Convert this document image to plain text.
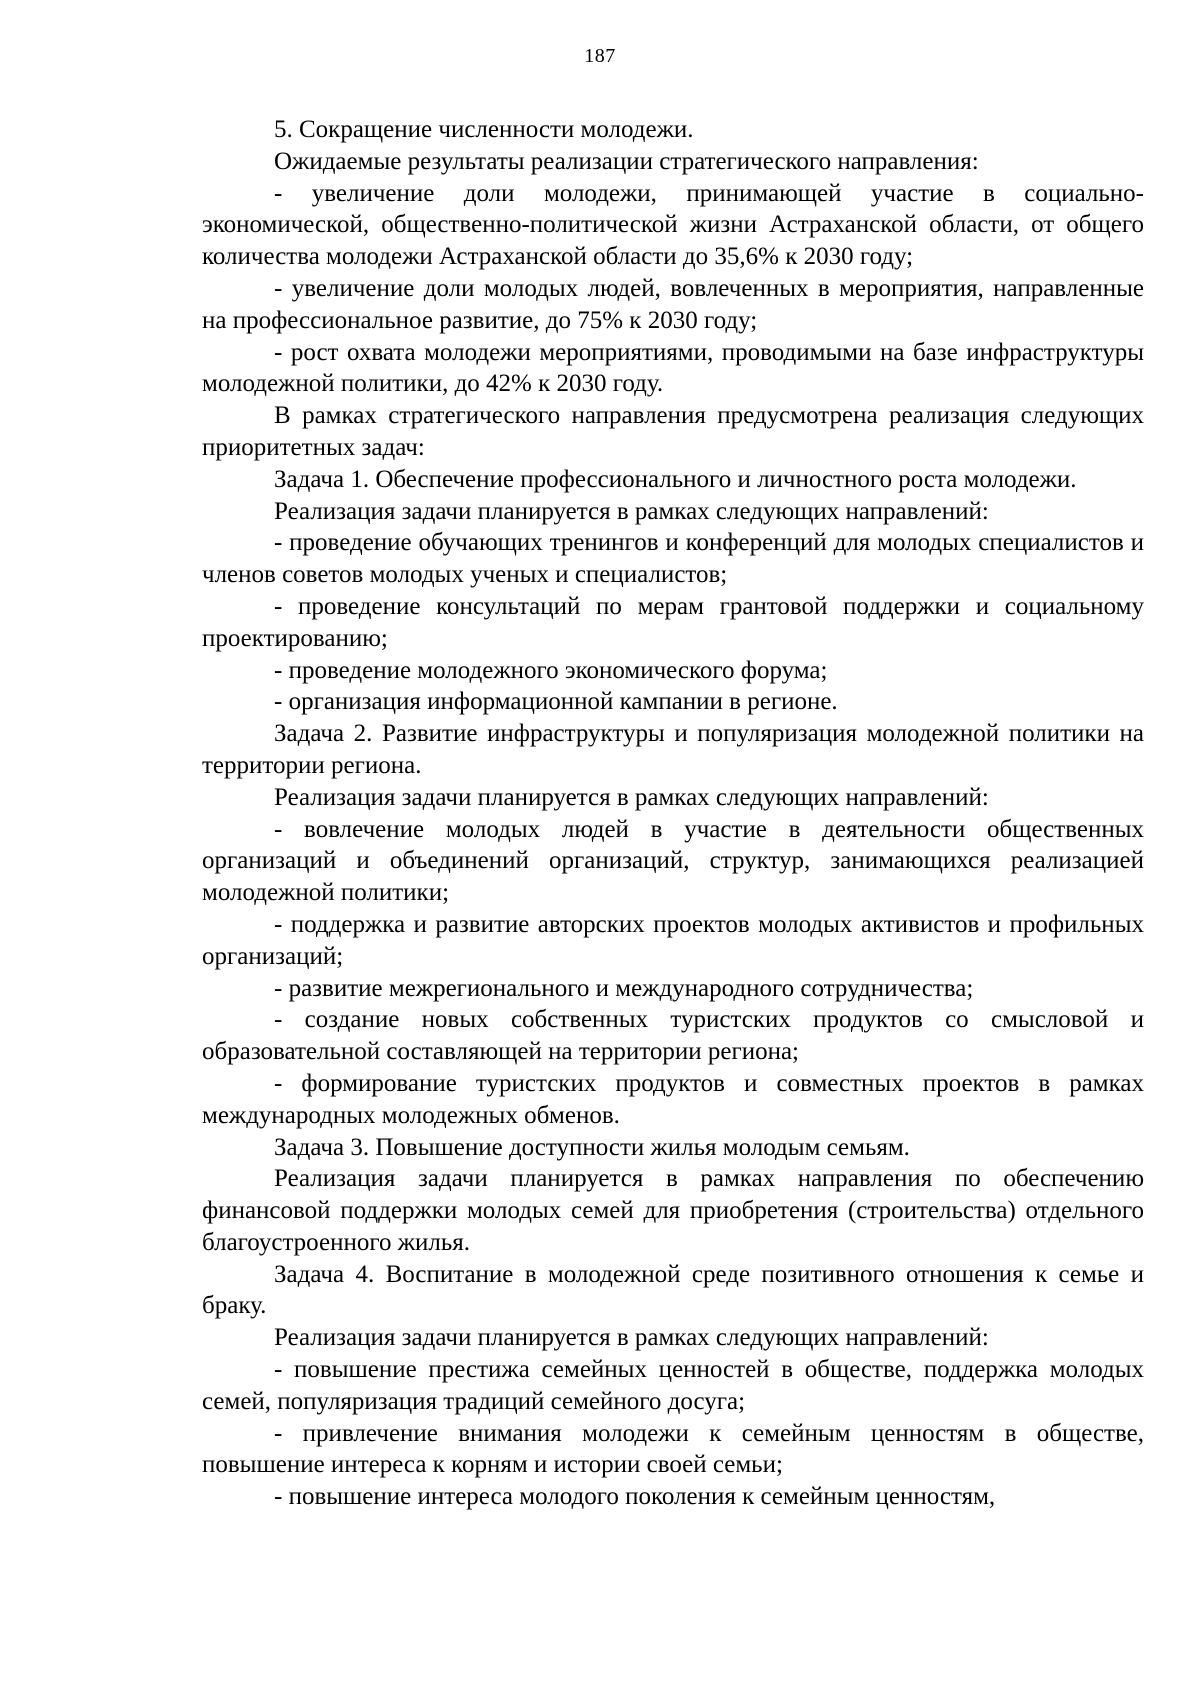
187

5. Сокращение численности молодежи.

Ожидаемые результаты реализации стратегического направления:

- увеличение доли молодежи, принимающей участие в социально-экономической, общественно-политической жизни Астраханской области, от общего количества молодежи Астраханской области до 35,6% к 2030 году;

- увеличение доли молодых людей, вовлеченных в мероприятия, направленные на профессиональное развитие, до 75% к 2030 году;

- рост охвата молодежи мероприятиями, проводимыми на базе инфраструктуры молодежной политики, до 42% к 2030 году.

В рамках стратегического направления предусмотрена реализация следующих приоритетных задач:

Задача 1. Обеспечение профессионального и личностного роста молодежи.

Реализация задачи планируется в рамках следующих направлений:

- проведение обучающих тренингов и конференций для молодых специалистов и членов советов молодых ученых и специалистов;

- проведение консультаций по мерам грантовой поддержки и социальному проектированию;

- проведение молодежного экономического форума;

- организация информационной кампании в регионе.

Задача 2. Развитие инфраструктуры и популяризация молодежной политики на территории региона.

Реализация задачи планируется в рамках следующих направлений:

- вовлечение молодых людей в участие в деятельности общественных организаций и объединений организаций, структур, занимающихся реализацией молодежной политики;

- поддержка и развитие авторских проектов молодых активистов и профильных организаций;

- развитие межрегионального и международного сотрудничества;

- создание новых собственных туристских продуктов со смысловой и образовательной составляющей на территории региона;

- формирование туристских продуктов и совместных проектов в рамках международных молодежных обменов.

Задача 3. Повышение доступности жилья молодым семьям.

Реализация задачи планируется в рамках направления по обеспечению финансовой поддержки молодых семей для приобретения (строительства) отдельного благоустроенного жилья.

Задача 4. Воспитание в молодежной среде позитивного отношения к семье и браку.

Реализация задачи планируется в рамках следующих направлений:

- повышение престижа семейных ценностей в обществе, поддержка молодых семей, популяризация традиций семейного досуга;

- привлечение внимания молодежи к семейным ценностям в обществе, повышение интереса к корням и истории своей семьи;

- повышение интереса молодого поколения к семейным ценностям,
